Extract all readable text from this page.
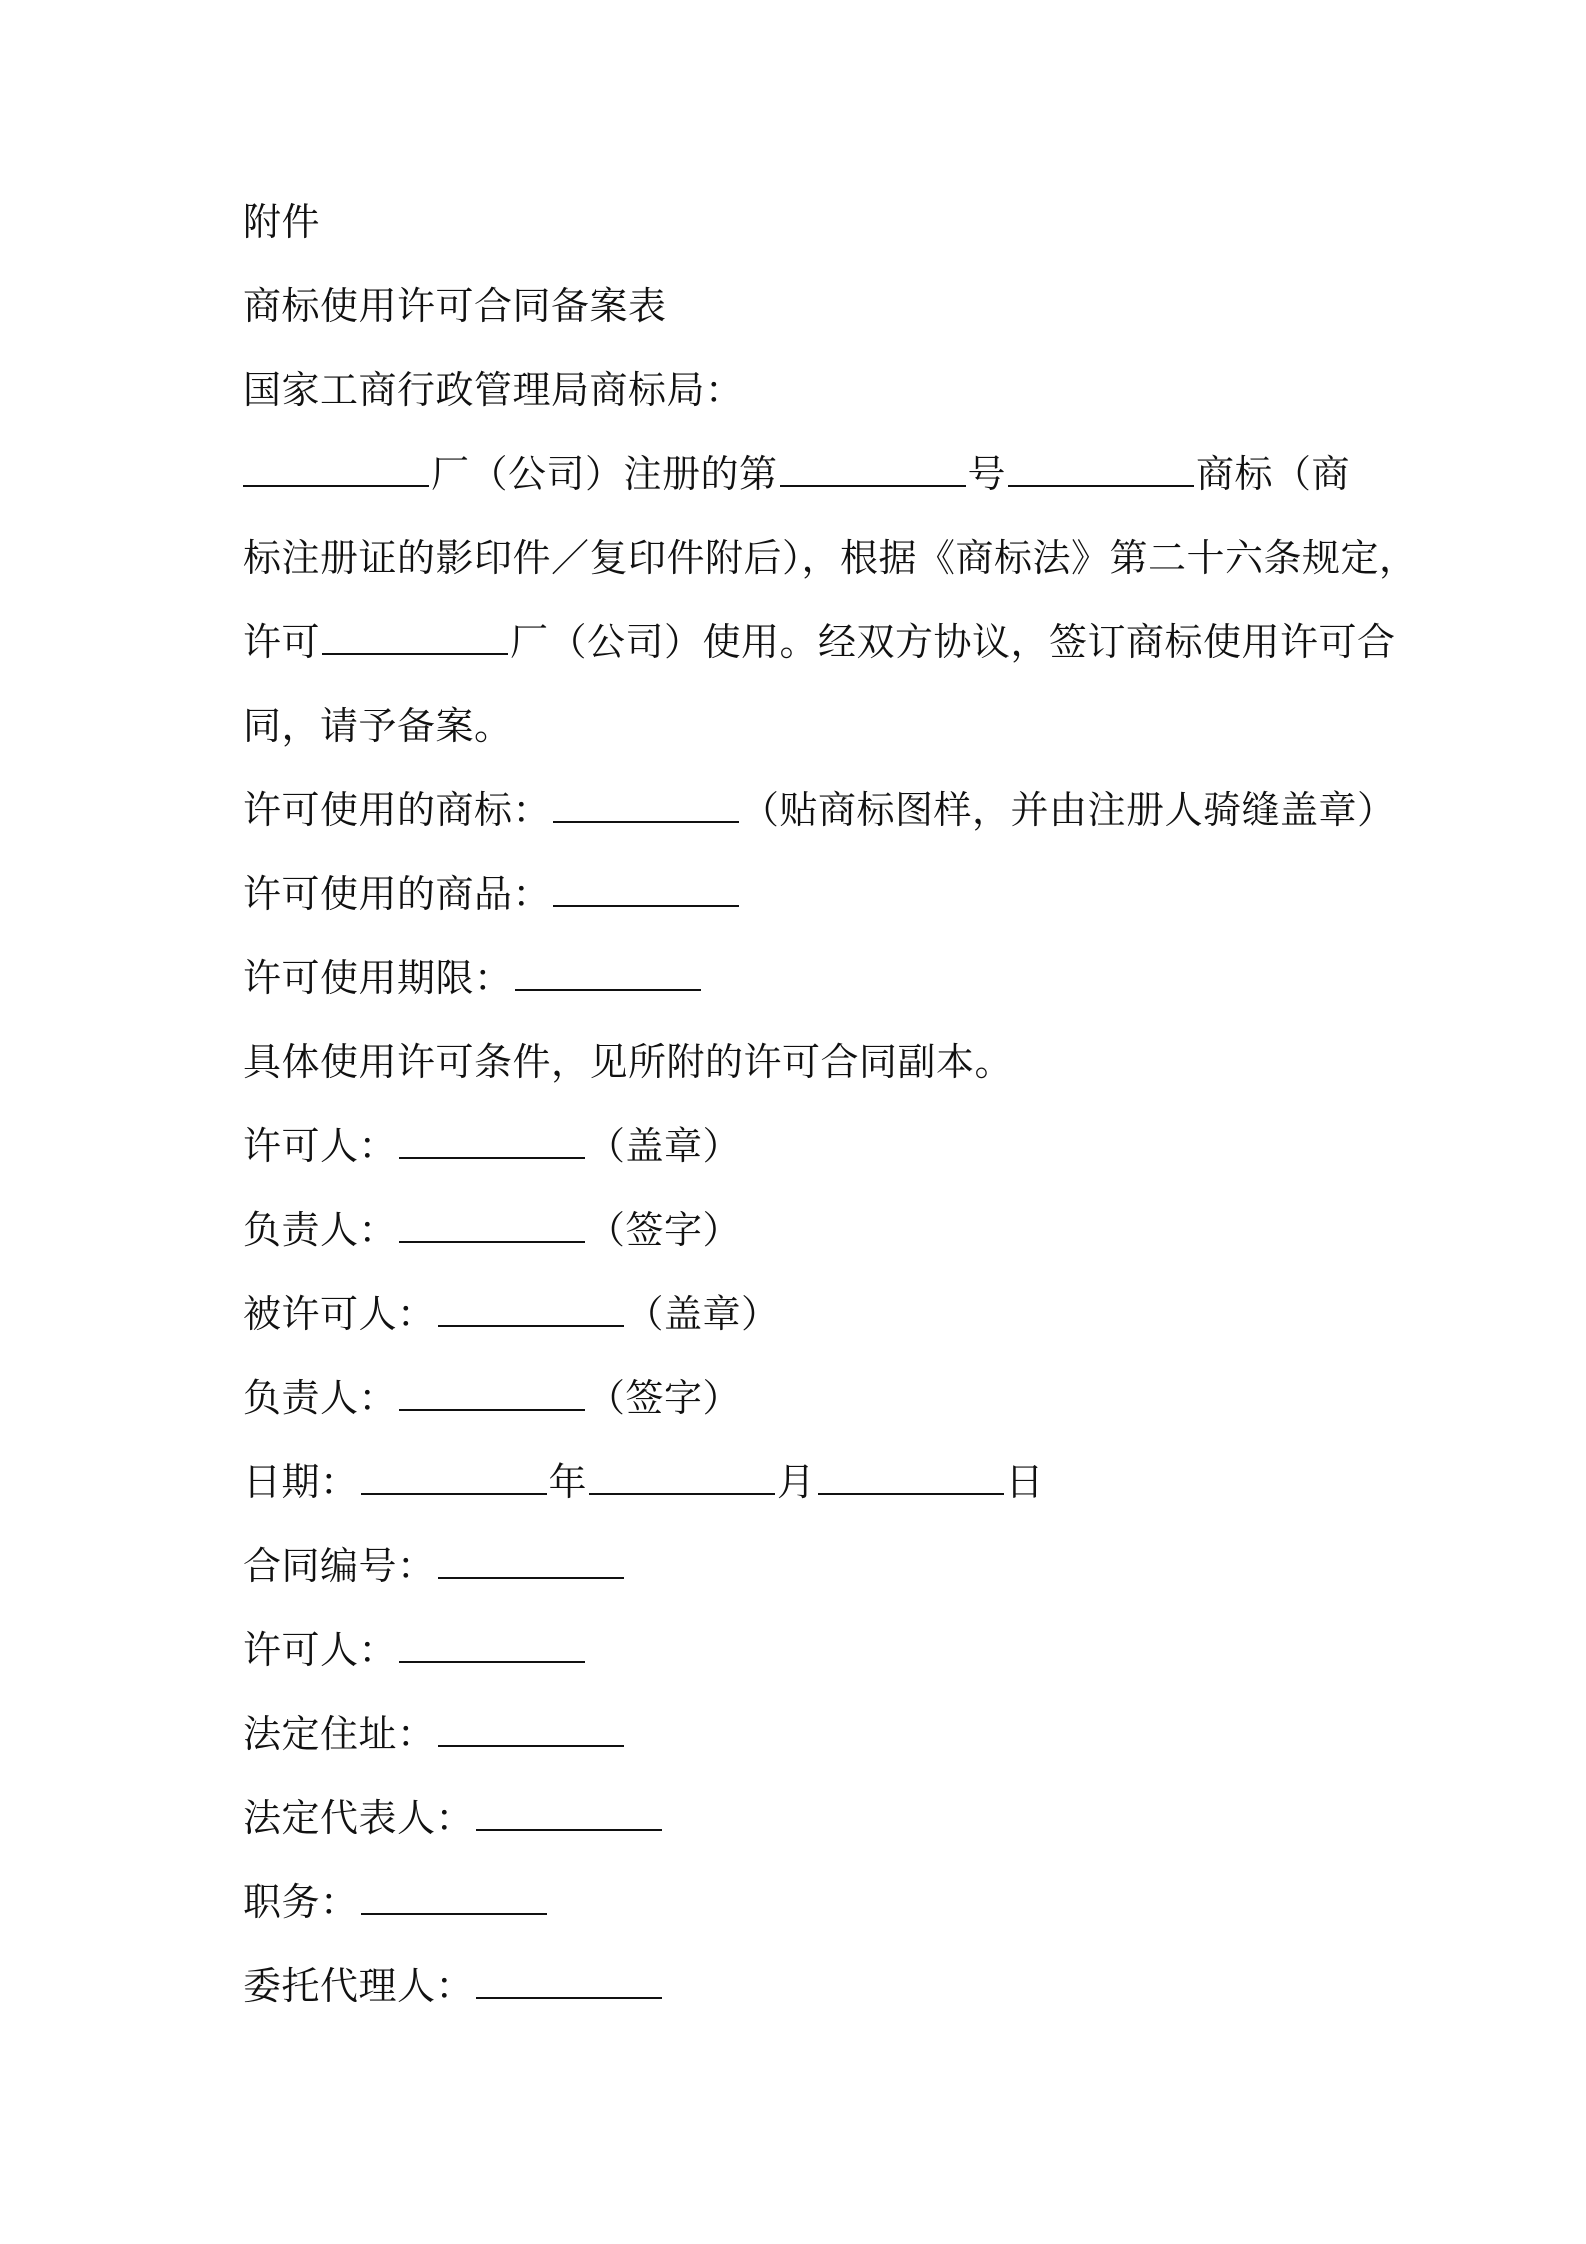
附件
商标使用许可合同备案表
国家工商行政管理局商标局：
厂（公司）注册的第	号	商标（商
标注册证的影印件／复印件附后），根据《商标法》第二十六条规定，
许可	厂（公司）使用。经双方协议，签订商标使用许可合
同，请予备案。
许可使用的商标：	（贴商标图样，并由注册人骑缝盖章）
许可使用的商品：
许可使用期限：
具体使用许可条件，见所附的许可合同副本。
许可人：	（盖章）
负责人：	（签字）
被许可人：	（盖章）
负责人：	（签字）
日期：	年	月	日
合同编号：
许可人：
法定住址：
法定代表人：
职务：
委托代理人：
